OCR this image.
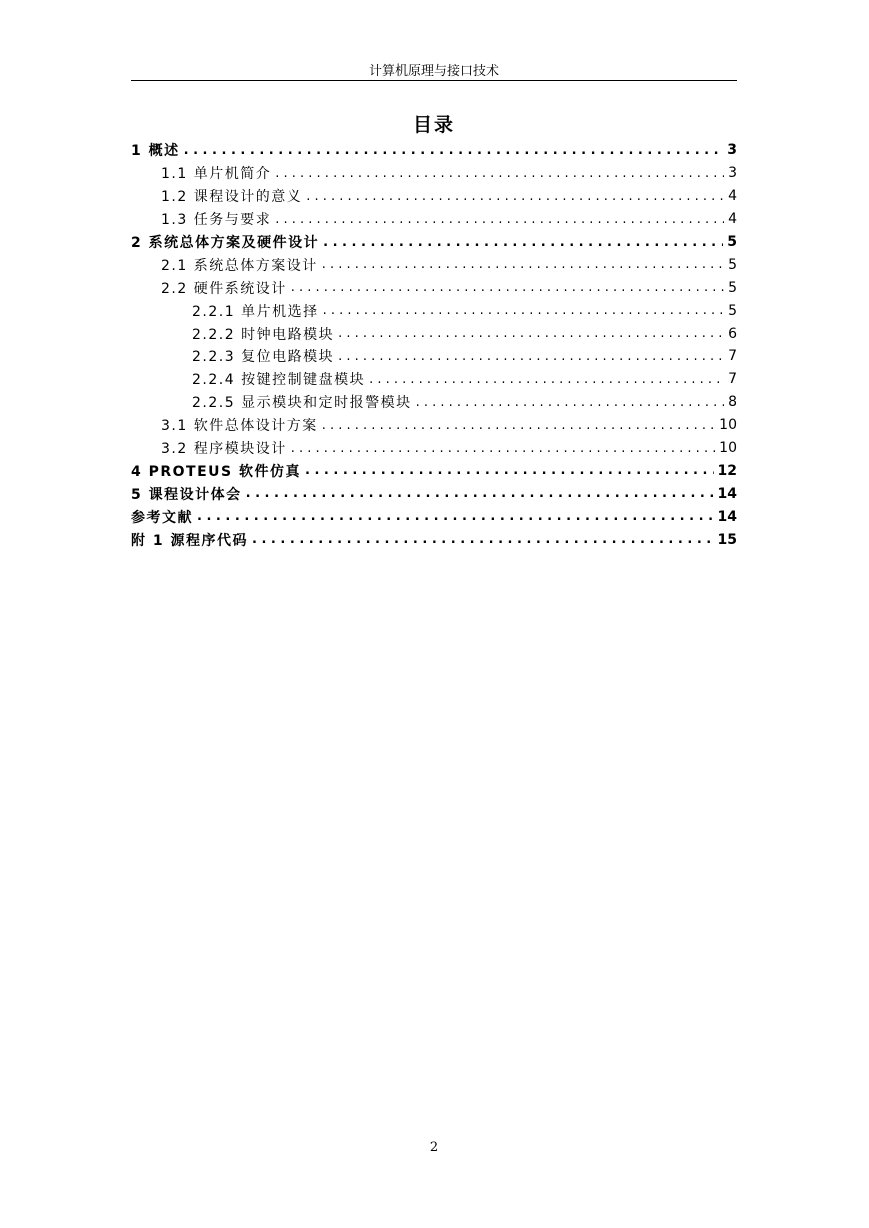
计算机原理与接口技术
目录
1 概述 . . .	3
1.1 单片机简介 . . .	3
1.2 课程设计的意义 . . .	4
1.3 任务与要求 . . .	4
2 系统总体方案及硬件设计 . . .	5
2.1 系统总体方案设计 . . .	5
2.2 硬件系统设计 . . .	5
2.2.1 单片机选择 . . .	5
2.2.2 时钟电路模块 . . .	6
2.2.3 复位电路模块 . . .	7
2.2.4 按键控制键盘模块 . . .	7
2.2.5 显示模块和定时报警模块 . . .	8
3.1 软件总体设计方案 . . .	10
3.2 程序模块设计 . . .	10
4 PROTEUS 软件仿真 . . .	12
5 课程设计体会 . . .	14
参考文献 . . .	14
附 1 源程序代码 . . .	15
2
